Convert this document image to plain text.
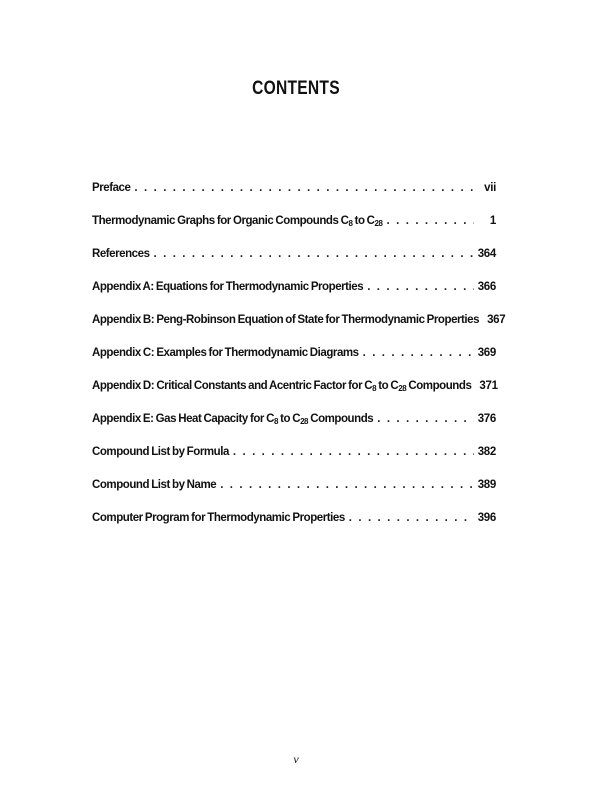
CONTENTS
Preface . . .	vii
Thermodynamic Graphs for Organic Compounds $C_8$ to $C_{28}$ . . .	1
References . . .	364
Appendix A: Equations for Thermodynamic Properties . . .	366
Appendix B: Peng-Robinson Equation of State for Thermodynamic Properties 367
Appendix C: Examples for Thermodynamic Diagrams . . .	369
Appendix D: Critical Constants and Acentric Factor for $C_8$ to $C_{28}$ Compounds 371
Appendix E: Gas Heat Capacity for $C_8$ to $C_{28}$ Compounds . . .	376
Compound List by Formula . . .	382
Compound List by Name . . .	389
Computer Program for Thermodynamic Properties . . .	396
v
